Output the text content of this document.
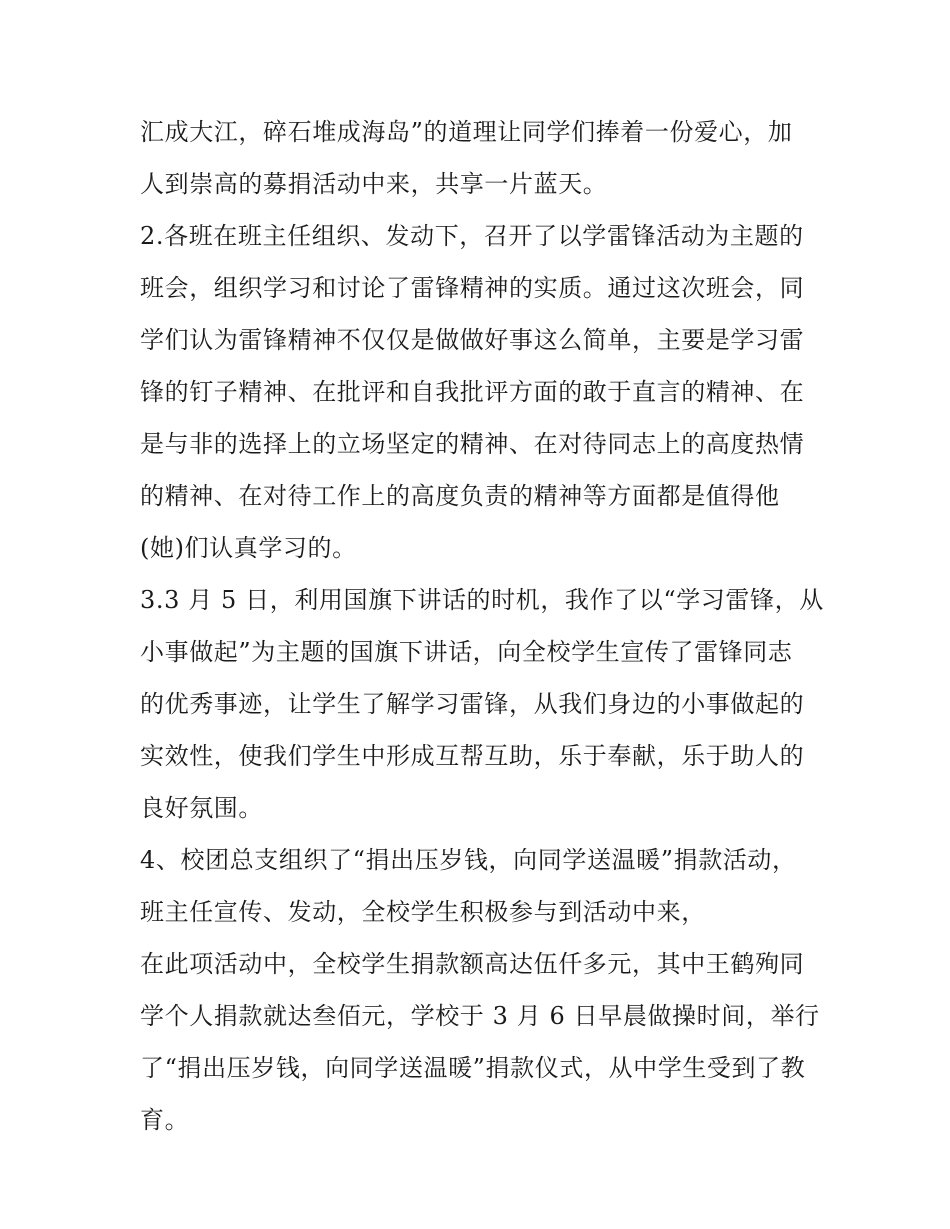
汇成大江，碎石堆成海岛”的道理让同学们捧着一份爱心，加
人到崇高的募捐活动中来，共享一片蓝天。
2.各班在班主任组织、发动下，召开了以学雷锋活动为主题的
班会，组织学习和讨论了雷锋精神的实质。通过这次班会，同
学们认为雷锋精神不仅仅是做做好事这么简单，主要是学习雷
锋的钉子精神、在批评和自我批评方面的敢于直言的精神、在
是与非的选择上的立场坚定的精神、在对待同志上的高度热情
的精神、在对待工作上的高度负责的精神等方面都是值得他
(她)们认真学习的。
3.3 月 5 日，利用国旗下讲话的时机，我作了以“学习雷锋，从
小事做起”为主题的国旗下讲话，向全校学生宣传了雷锋同志
的优秀事迹，让学生了解学习雷锋，从我们身边的小事做起的
实效性，使我们学生中形成互帮互助，乐于奉献，乐于助人的
良好氛围。
4、校团总支组织了“捐出压岁钱，向同学送温暖”捐款活动，
班主任宣传、发动，全校学生积极参与到活动中来，
在此项活动中，全校学生捐款额高达伍仟多元，其中王鹤殉同
学个人捐款就达叁佰元，学校于 3 月 6 日早晨做操时间，举行
了“捐出压岁钱，向同学送温暖”捐款仪式，从中学生受到了教
育。
